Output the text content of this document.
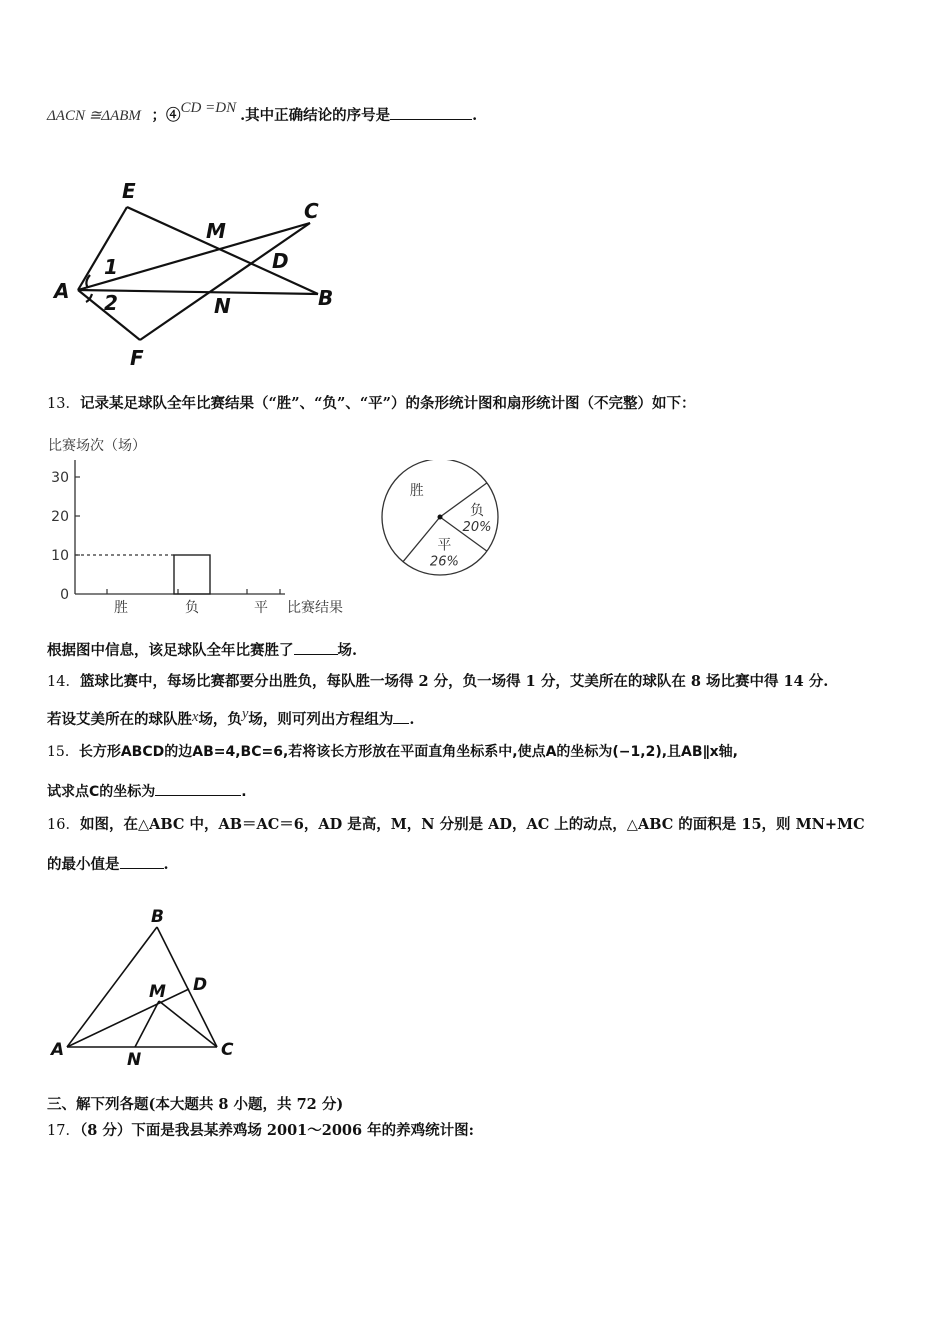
ΔACN ≅ΔABM ；④CD =DN .其中正确结论的序号是	.
E
C
M
D
A
1
2	N	B
F
13．记录某足球队全年比赛结果（“胜”、“负”、“平”）的条形统计图和扇形统计图（不完整）如下：
比赛场次（场）
0
10
20
30
胜	负	平 比赛结果
胜
负
20%
平
26%
根据图中信息，该足球队全年比赛胜了	场.
14．篮球比赛中，每场比赛都要分出胜负，每队胜一场得 2 分，负一场得 1 分，艾美所在的球队在 8 场比赛中得 14 分.
若设艾美所在的球队胜x场，负y场，则可列出方程组为 .
15．长方形ABCD的边AB=4,BC=6,若将该长方形放在平面直角坐标系中,使点A的坐标为(−1,2),且AB∥x轴,
试求点C的坐标为	.
16．如图，在△ABC 中，AB＝AC＝6，AD 是高，M，N 分别是 AD，AC 上的动点，△ABC 的面积是 15，则 MN+MC
的最小值是	.
B
D
M
A	N	C
三、解下列各题(本大题共 8 小题，共 72 分)
17．（8 分）下面是我县某养鸡场 2001～2006 年的养鸡统计图:
